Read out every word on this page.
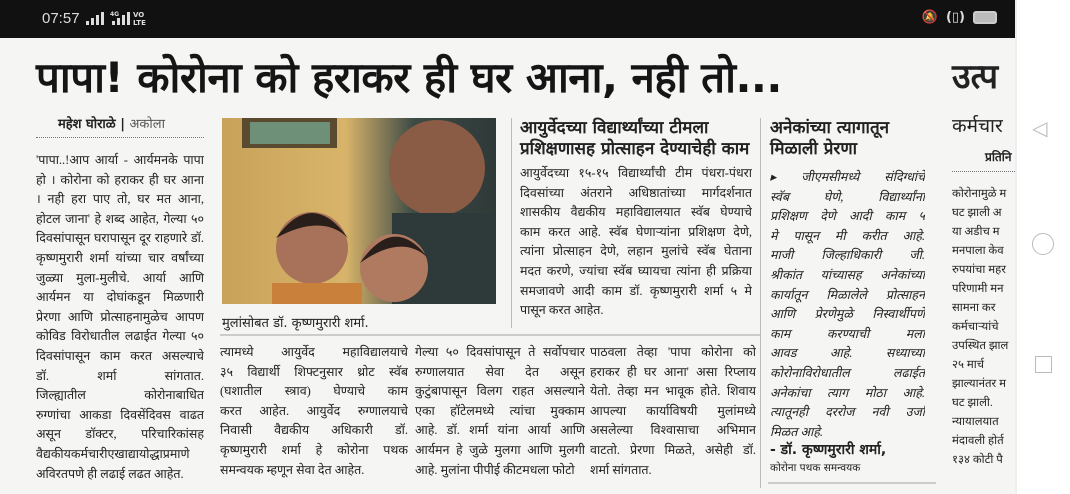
07:57	4G VO LTE	🔕 (▯)
पापा! कोरोना को हराकर ही घर आना, नही तो...
महेश घोराळे | अकोला
'पापा..!आप आर्या - आर्यमनके पापा
हो । कोरोना को हराकर ही घर आना
। नही हरा पाए तो, घर मत आना,
होटल जाना' हे शब्द आहेत, गेल्या ५०
दिवसांपासून घरापासून दूर राहणारे डॉ.
कृष्णमुरारी शर्मा यांच्या चार वर्षांच्या
जुळ्या मुला-मुलीचे. आर्या आणि
आर्यमन या दोघांकडून मिळणारी
प्रेरणा आणि प्रोत्साहनामुळेच आपण
कोविड विरोधातील लढाईत गेल्या ५०
दिवसांपासून काम करत असल्याचे
डॉ. शर्मा सांगतात.
जिल्ह्यातील कोरोनाबाधित
रुग्णांचा आकडा दिवसेंदिवस वाढत
असून डॉक्टर, परिचारिकांसह
वैद्यकीयकर्मचारीएखाद्यायोद्धाप्रमाणे
अविरतपणे ही लढाई लढत आहेत.
मुलांसोबत डॉ. कृष्णमुरारी शर्मा.
आयुर्वेदच्या विद्यार्थ्यांच्या टीमला
प्रशिक्षणासह प्रोत्साहन देण्याचेही काम
आयुर्वेदच्या १५-१५ विद्यार्थ्यांची टीम पंधरा-पंधरा
दिवसांच्या अंतराने अधिष्ठातांच्या मार्गदर्शनात
शासकीय वैद्यकीय महाविद्यालयात स्वॅब घेण्याचे
काम करत आहे. स्वॅब घेणाऱ्यांना प्रशिक्षण देणे,
त्यांना प्रोत्साहन देणे, लहान मुलांचे स्वॅब घेताना
मदत करणे, ज्यांचा स्वॅब घ्यायचा त्यांना ही प्रक्रिया
समजावणे आदी काम डॉ. कृष्णमुरारी शर्मा ५ मे
पासून करत आहेत.
त्यामध्ये आयुर्वेद महाविद्यालयाचे
३५ विद्यार्थी शिफ्टनुसार थ्रोट स्वॅब
(घशातील स्त्राव) घेण्याचे काम
करत आहेत. आयुर्वेद रुग्णालयाचे
निवासी वैद्यकीय अधिकारी डॉ.
कृष्णमुरारी शर्मा हे कोरोना पथक
समन्वयक म्हणून सेवा देत आहेत.
गेल्या ५० दिवसांपासून ते सर्वोपचार
रुग्णालयात सेवा देत असून
कुटुंबापासून विलग राहत असल्याने
एका हॉटेलमध्ये त्यांचा मुक्काम
आहे. डॉ. शर्मा यांना आर्या आणि
आर्यमन हे जुळे मुलगा आणि मुलगी
आहे. मुलांना पीपीई कीटमधला फोटो
पाठवला तेव्हा 'पापा कोरोना को
हराकर ही घर आना' असा रिप्लाय
येतो. तेव्हा मन भावूक होते. शिवाय
आपल्या कार्याविषयी मुलांमध्ये
असलेल्या विश्वासाचा अभिमान
वाटतो. प्रेरणा मिळते, असेही डॉ.
शर्मा सांगतात.
अनेकांच्या त्यागातून
मिळाली प्रेरणा
▸ जीएमसीमध्ये संदिग्धांचे
स्वॅब घेणे, विद्यार्थ्यांना
प्रशिक्षण देणे आदी काम ५
मे पासून मी करीत आहे.
माजी जिल्हाधिकारी जी.
श्रीकांत यांच्यासह अनेकांच्या
कार्यातून मिळालेले प्रोत्साहन
आणि प्रेरणेमुळे निस्वार्थीपणे
काम करण्याची मला
आवड आहे. सध्याच्या
कोरोनाविरोधातील लढाईत
अनेकांचा त्याग मोठा आहे.
त्यातूनही दररोज नवी उर्जा
मिळत आहे.
- डॉ. कृष्णमुरारी शर्मा,
कोरोना पथक समन्वयक
उत्प
कर्मचार
प्रतिनि
कोरोनामुळे म
घट झाली अ
या अडीच म
मनपाला केव
रुपयांचा महर
परिणामी मन
सामना कर
कर्मचाऱ्यांचे
उपस्थित झाल
२५ मार्च
झाल्यानंतर म
घट झाली.
न्यायालयात
मंदावली होर्त
१३४ कोटी पै
◁
